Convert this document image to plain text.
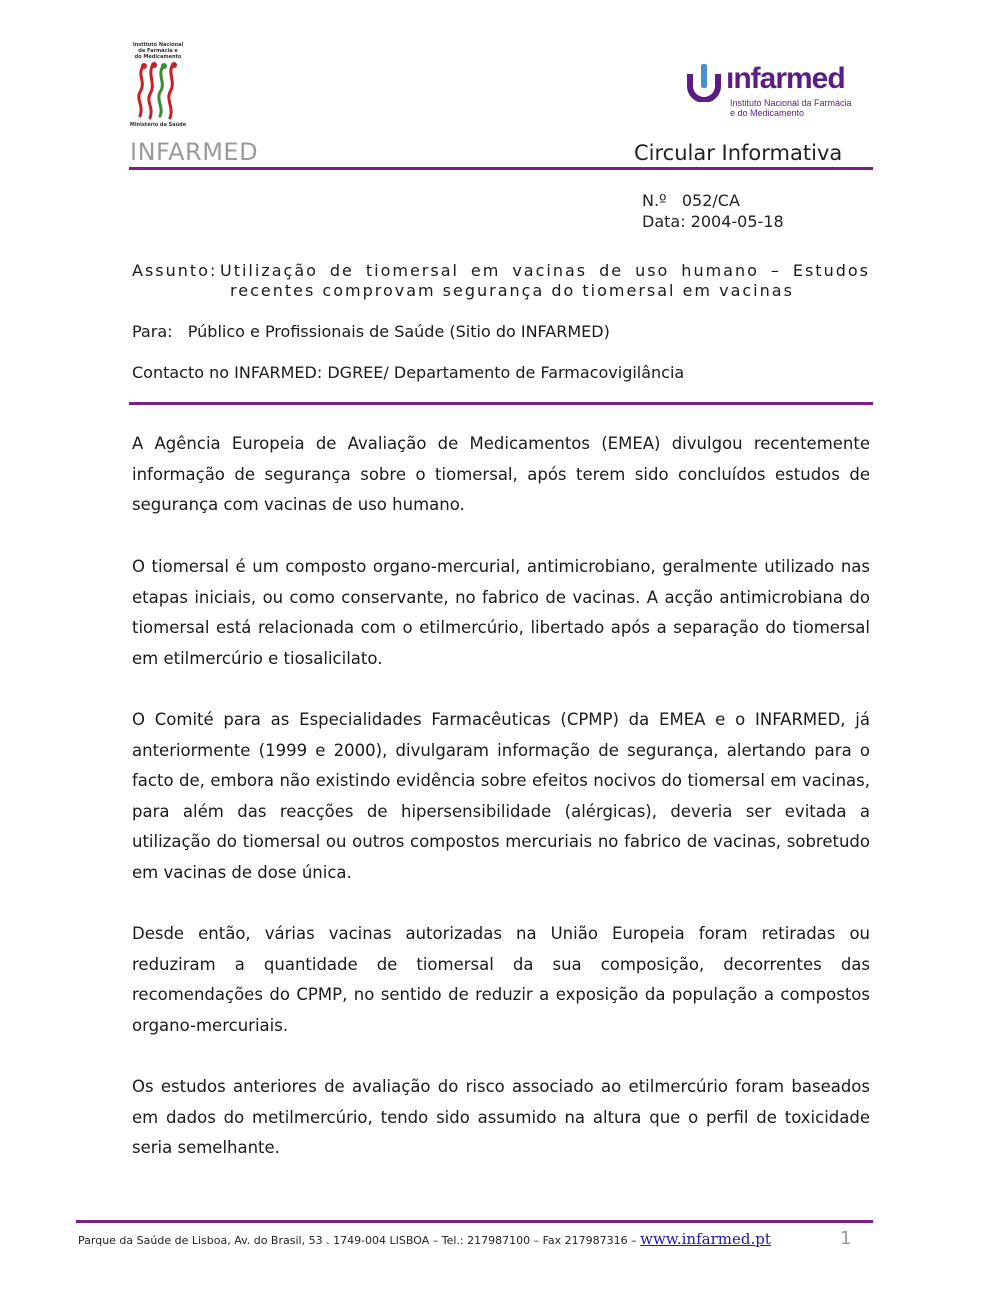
Instituto Nacional
de Farmácia e
do Medicamento
Ministério da Saúde
ınfarmed
Instituto Nacional da Farmácia
e do Medicamento
INFARMED	Circular Informativa
N.º 052/CA
Data: 2004-05-18
Assunto: Utilização de tiomersal em vacinas de uso humano – Estudos
recentes comprovam segurança do tiomersal em vacinas
Para: Público e Profissionais de Saúde (Sitio do INFARMED)
Contacto no INFARMED: DGREE/ Departamento de Farmacovigilância
A Agência Europeia de Avaliação de Medicamentos (EMEA) divulgou recentemente informação de segurança sobre o tiomersal, após terem sido concluídos estudos de segurança com vacinas de uso humano.
O tiomersal é um composto organo-mercurial, antimicrobiano, geralmente utilizado nas etapas iniciais, ou como conservante, no fabrico de vacinas. A acção antimicrobiana do tiomersal está relacionada com o etilmercúrio, libertado após a separação do tiomersal em etilmercúrio e tiosalicilato.
O Comité para as Especialidades Farmacêuticas (CPMP) da EMEA e o INFARMED, já anteriormente (1999 e 2000), divulgaram informação de segurança, alertando para o facto de, embora não existindo evidência sobre efeitos nocivos do tiomersal em vacinas, para além das reacções de hipersensibilidade (alérgicas), deveria ser evitada a utilização do tiomersal ou outros compostos mercuriais no fabrico de vacinas, sobretudo em vacinas de dose única.
Desde então, várias vacinas autorizadas na União Europeia foram retiradas ou reduziram a quantidade de tiomersal da sua composição, decorrentes das recomendações do CPMP, no sentido de reduzir a exposição da população a compostos organo-mercuriais.
Os estudos anteriores de avaliação do risco associado ao etilmercúrio foram baseados em dados do metilmercúrio, tendo sido assumido na altura que o perfil de toxicidade seria semelhante.
Parque da Saúde de Lisboa, Av. do Brasil, 53 . 1749-004 LISBOA – Tel.: 217987100 – Fax 217987316 – www.infarmed.pt	1
